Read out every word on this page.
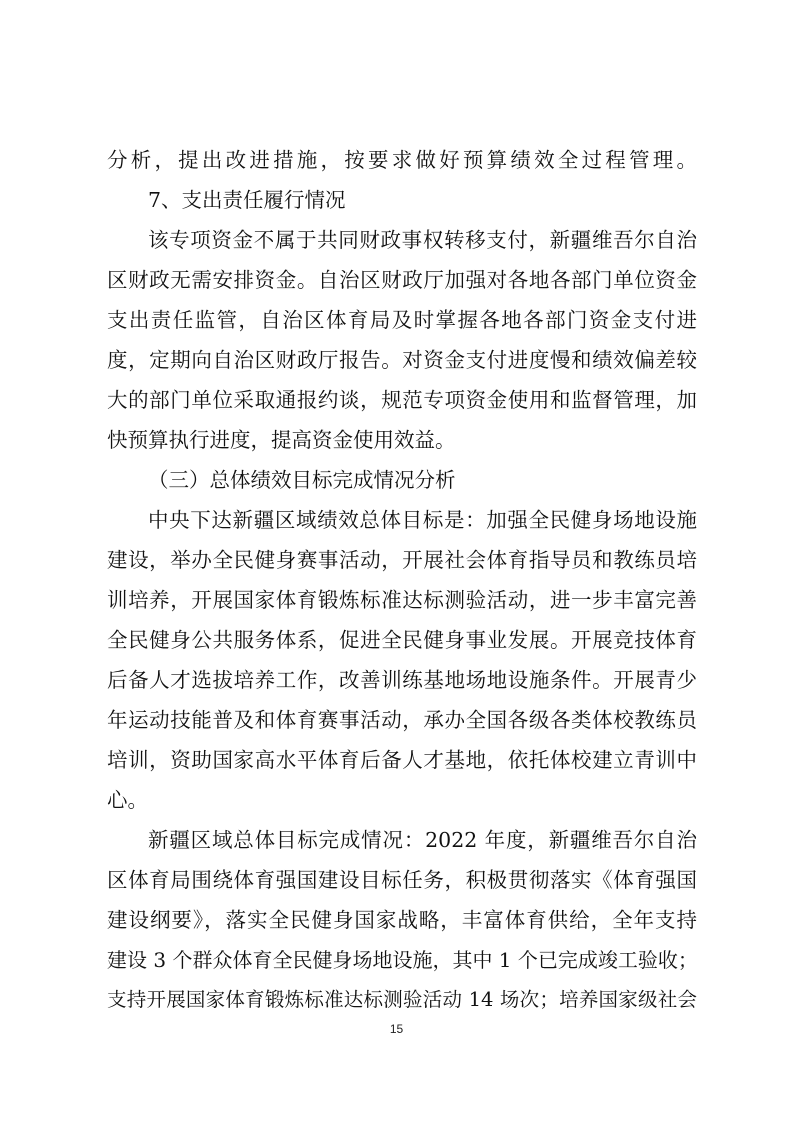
分析，提出改进措施，按要求做好预算绩效全过程管理。
7、支出责任履行情况
该专项资金不属于共同财政事权转移支付，新疆维吾尔自治
区财政无需安排资金。自治区财政厅加强对各地各部门单位资金
支出责任监管，自治区体育局及时掌握各地各部门资金支付进
度，定期向自治区财政厅报告。对资金支付进度慢和绩效偏差较
大的部门单位采取通报约谈，规范专项资金使用和监督管理，加
快预算执行进度，提高资金使用效益。
（三）总体绩效目标完成情况分析
中央下达新疆区域绩效总体目标是：加强全民健身场地设施
建设，举办全民健身赛事活动，开展社会体育指导员和教练员培
训培养，开展国家体育锻炼标准达标测验活动，进一步丰富完善
全民健身公共服务体系，促进全民健身事业发展。开展竞技体育
后备人才选拔培养工作，改善训练基地场地设施条件。开展青少
年运动技能普及和体育赛事活动，承办全国各级各类体校教练员
培训，资助国家高水平体育后备人才基地，依托体校建立青训中
心。
新疆区域总体目标完成情况：2022 年度，新疆维吾尔自治
区体育局围绕体育强国建设目标任务，积极贯彻落实《体育强国
建设纲要》，落实全民健身国家战略，丰富体育供给，全年支持
建设 3 个群众体育全民健身场地设施，其中 1 个已完成竣工验收；
支持开展国家体育锻炼标准达标测验活动 14 场次；培养国家级社会
15
